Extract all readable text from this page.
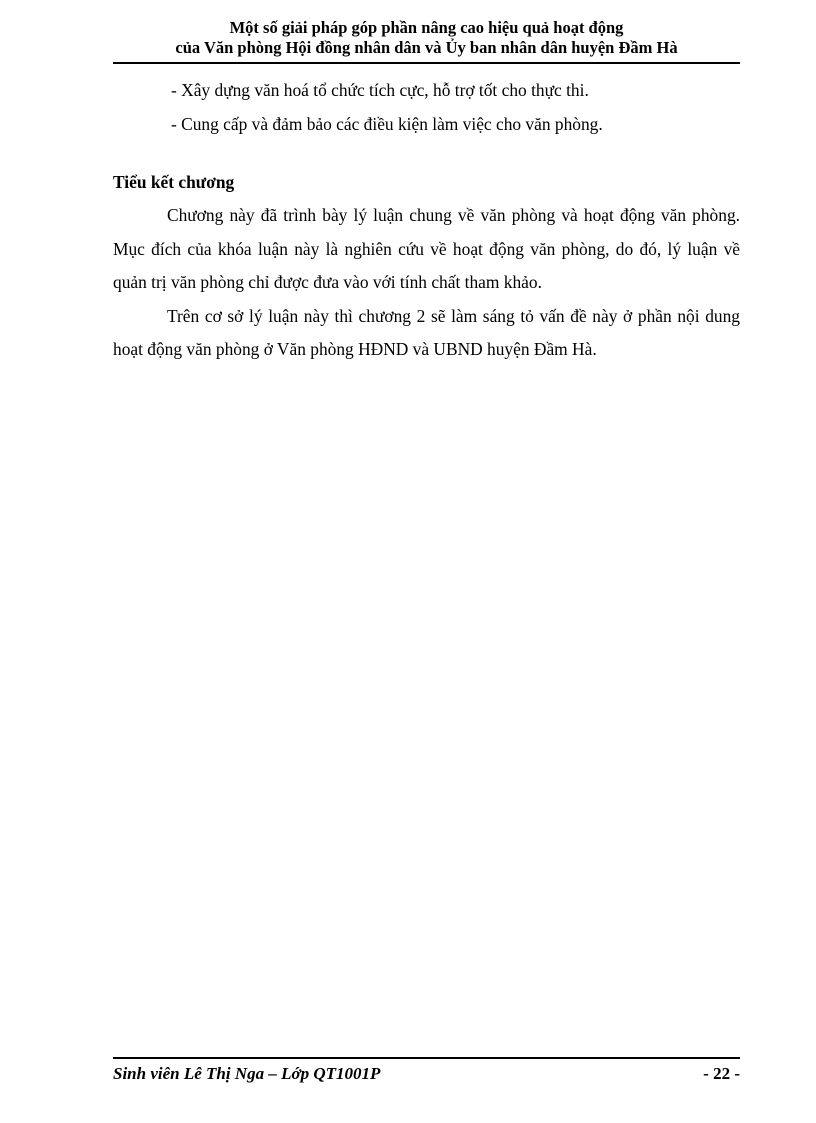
Một số giải pháp góp phần nâng cao hiệu quả hoạt động
của Văn phòng Hội đồng nhân dân và Ủy ban nhân dân huyện Đầm Hà

- Xây dựng văn hoá tổ chức tích cực, hỗ trợ tốt cho thực thi.

- Cung cấp và đảm bảo các điều kiện làm việc cho văn phòng.

Tiểu kết chương

Chương này đã trình bày lý luận chung về văn phòng và hoạt động văn phòng. Mục đích của khóa luận này là nghiên cứu về hoạt động văn phòng, do đó, lý luận về quản trị văn phòng chỉ được đưa vào với tính chất tham khảo.

Trên cơ sở lý luận này thì chương 2 sẽ làm sáng tỏ vấn đề này ở phần nội dung hoạt động văn phòng ở Văn phòng HĐND và UBND huyện Đầm Hà.

Sinh viên Lê Thị Nga – Lớp QT1001P	- 22 -
